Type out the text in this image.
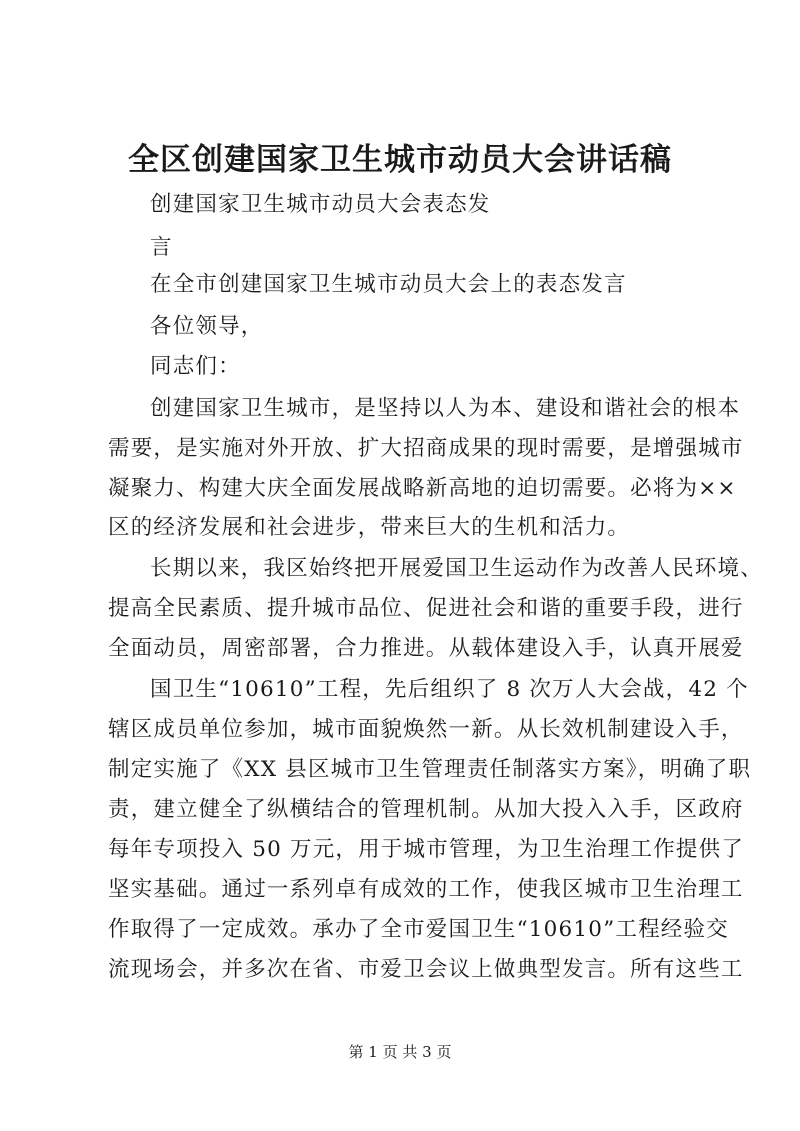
全区创建国家卫生城市动员大会讲话稿
创建国家卫生城市动员大会表态发
言
在全市创建国家卫生城市动员大会上的表态发言
各位领导，
同志们：
创建国家卫生城市，是坚持以人为本、建设和谐社会的根本
需要，是实施对外开放、扩大招商成果的现时需要，是增强城市
凝聚力、构建大庆全面发展战略新高地的迫切需要。必将为××
区的经济发展和社会进步，带来巨大的生机和活力。
长期以来，我区始终把开展爱国卫生运动作为改善人民环境、
提高全民素质、提升城市品位、促进社会和谐的重要手段，进行
全面动员，周密部署，合力推进。从载体建设入手，认真开展爱
国卫生“10610”工程，先后组织了 8 次万人大会战，42 个
辖区成员单位参加，城市面貌焕然一新。从长效机制建设入手，
制定实施了《XX 县区城市卫生管理责任制落实方案》，明确了职
责，建立健全了纵横结合的管理机制。从加大投入入手，区政府
每年专项投入 50 万元，用于城市管理，为卫生治理工作提供了
坚实基础。通过一系列卓有成效的工作，使我区城市卫生治理工
作取得了一定成效。承办了全市爱国卫生“10610”工程经验交
流现场会，并多次在省、市爱卫会议上做典型发言。所有这些工
第 1 页 共 3 页
